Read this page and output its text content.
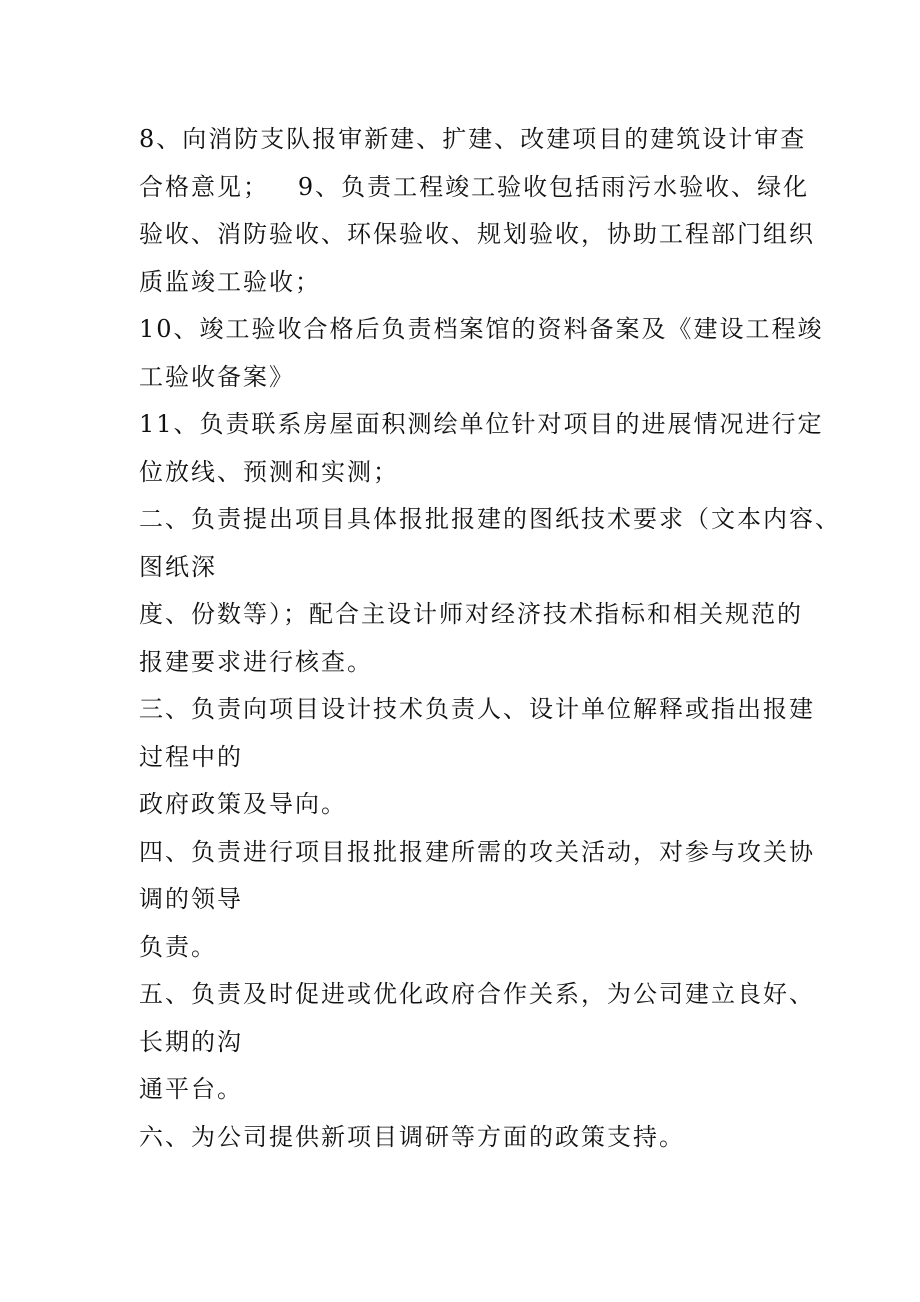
8、向消防支队报审新建、扩建、改建项目的建筑设计审查
合格意见；   9、负责工程竣工验收包括雨污水验收、绿化
验收、消防验收、环保验收、规划验收，协助工程部门组织
质监竣工验收；
10、竣工验收合格后负责档案馆的资料备案及《建设工程竣
工验收备案》
11、负责联系房屋面积测绘单位针对项目的进展情况进行定
位放线、预测和实测；
二、负责提出项目具体报批报建的图纸技术要求（文本内容、
图纸深
度、份数等）；配合主设计师对经济技术指标和相关规范的
报建要求进行核查。
三、负责向项目设计技术负责人、设计单位解释或指出报建
过程中的
政府政策及导向。
四、负责进行项目报批报建所需的攻关活动，对参与攻关协
调的领导
负责。
五、负责及时促进或优化政府合作关系，为公司建立良好、
长期的沟
通平台。
六、为公司提供新项目调研等方面的政策支持。
